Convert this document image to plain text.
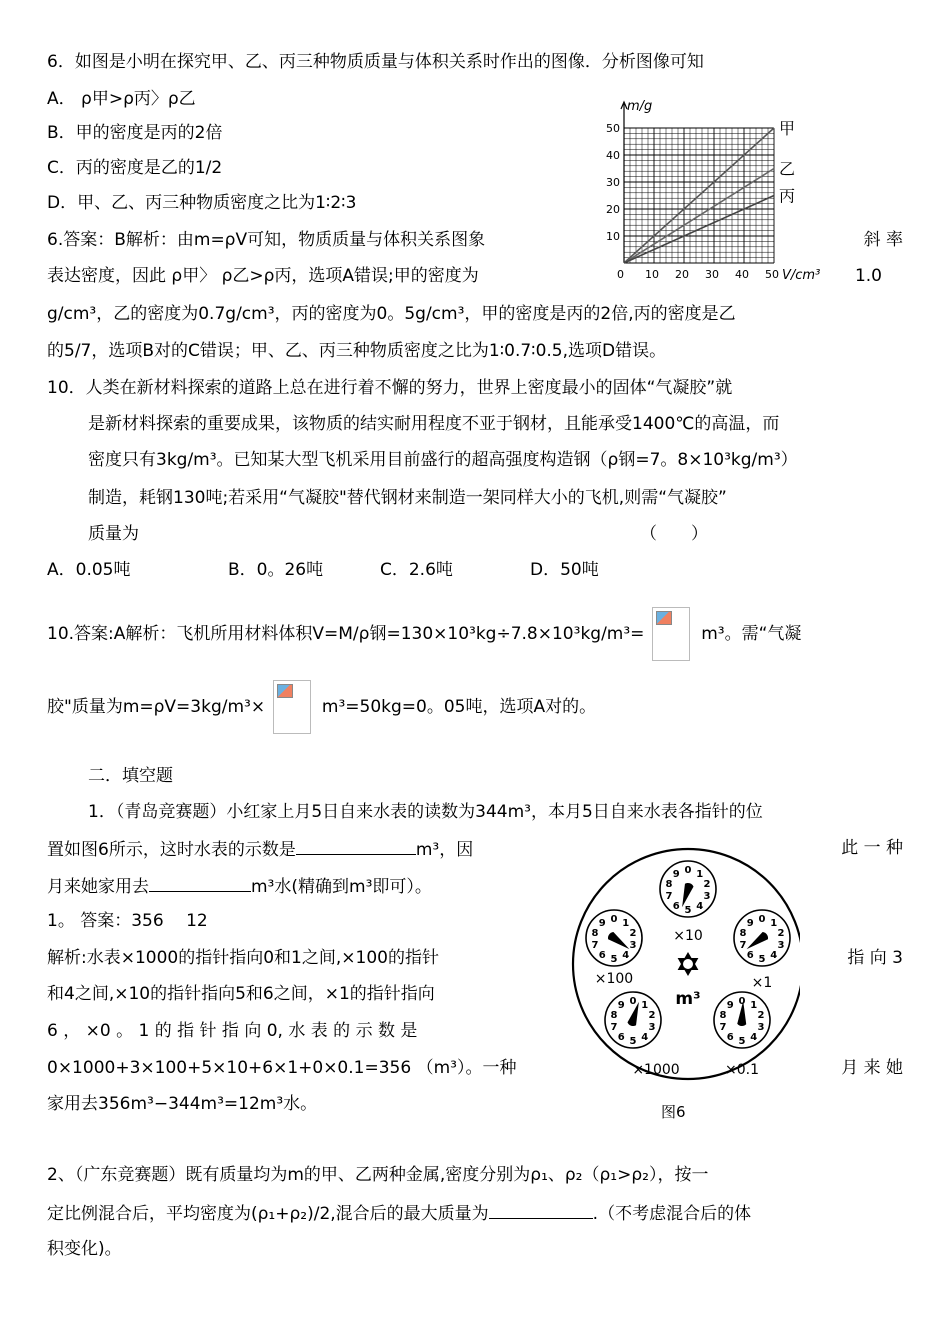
6．如图是小明在探究甲、乙、丙三种物质质量与体积关系时作出的图像．分析图像可知
A． ρ甲>ρ丙〉ρ乙
B．甲的密度是丙的2倍
C．丙的密度是乙的1/2
D．甲、乙、丙三种物质密度之比为1∶2∶3
6.答案：B解析：由m=ρV可知，物质质量与体积关系图象	斜 率
表达密度，因此 ρ甲〉 ρ乙>ρ丙，选项A错误;甲的密度为	1.0
g/cm³，乙的密度为0.7g/cm³，丙的密度为0。5g/cm³，甲的密度是丙的2倍,丙的密度是乙
的5/7，选项B对的C错误；甲、乙、丙三种物质密度之比为1∶0.7∶0.5,选项D错误。
甲
乙
丙
0 10 20 30 40 50
10
20
30
40
50
m/g
V/cm³
10．人类在新材料探索的道路上总在进行着不懈的努力，世界上密度最小的固体“气凝胶”就
是新材料探索的重要成果，该物质的结实耐用程度不亚于钢材，且能承受1400℃的高温，而
密度只有3kg/m³。已知某大型飞机采用目前盛行的超高强度构造钢（ρ钢=7。8×10³kg/m³）
制造，耗钢130吨;若采用“气凝胶"替代钢材来制造一架同样大小的飞机,则需“气凝胶”
质量为	（　　）
A．0.05吨	B．0。26吨	C．2.6吨	D．50吨
10.答案:A解析：飞机所用材料体积V=M/ρ钢=130×10³kg÷7.8×10³kg/m³=	m³。需“气凝
胶"质量为m=ρV=3kg/m³×	m³=50kg=0。05吨，选项A对的。
二．填空题
1．（青岛竞赛题）小红家上月5日自来水表的读数为344m³，本月5日自来水表各指针的位
置如图6所示，这时水表的示数是	m³，因	此 一 种
月来她家用去	m³水(精确到m³即可）。
1。 答案：356　 12
解析:水表×1000的指针指向0和1之间,×100的指针	指 向 3
和4之间,×10的指针指向5和6之间，×1的指针指向
6 ， ×0 。 1 的 指 针 指 向 0, 水 表 的 示 数 是
0×1000+3×100+5×10+6×1+0×0.1=356 （m³）。一种	月 来 她
家用去356m³−344m³=12m³水。
0 1
2
3
4
5
6
7
8
9
×10
0 1
2
3
4
5
6
7
8
9
×100
0 1
2
3
4
5
6
7
8
9
×1
0 1
2
3
4
5
6
7
8
9
×1000
0 1
2
3
4
5
6
7
8
9
×0.1
m³
图6
2、（广东竞赛题）既有质量均为m的甲、乙两种金属,密度分别为ρ₁、ρ₂（ρ₁>ρ₂），按一
定比例混合后，平均密度为(ρ₁+ρ₂)/2,混合后的最大质量为	.（不考虑混合后的体
积变化)。
